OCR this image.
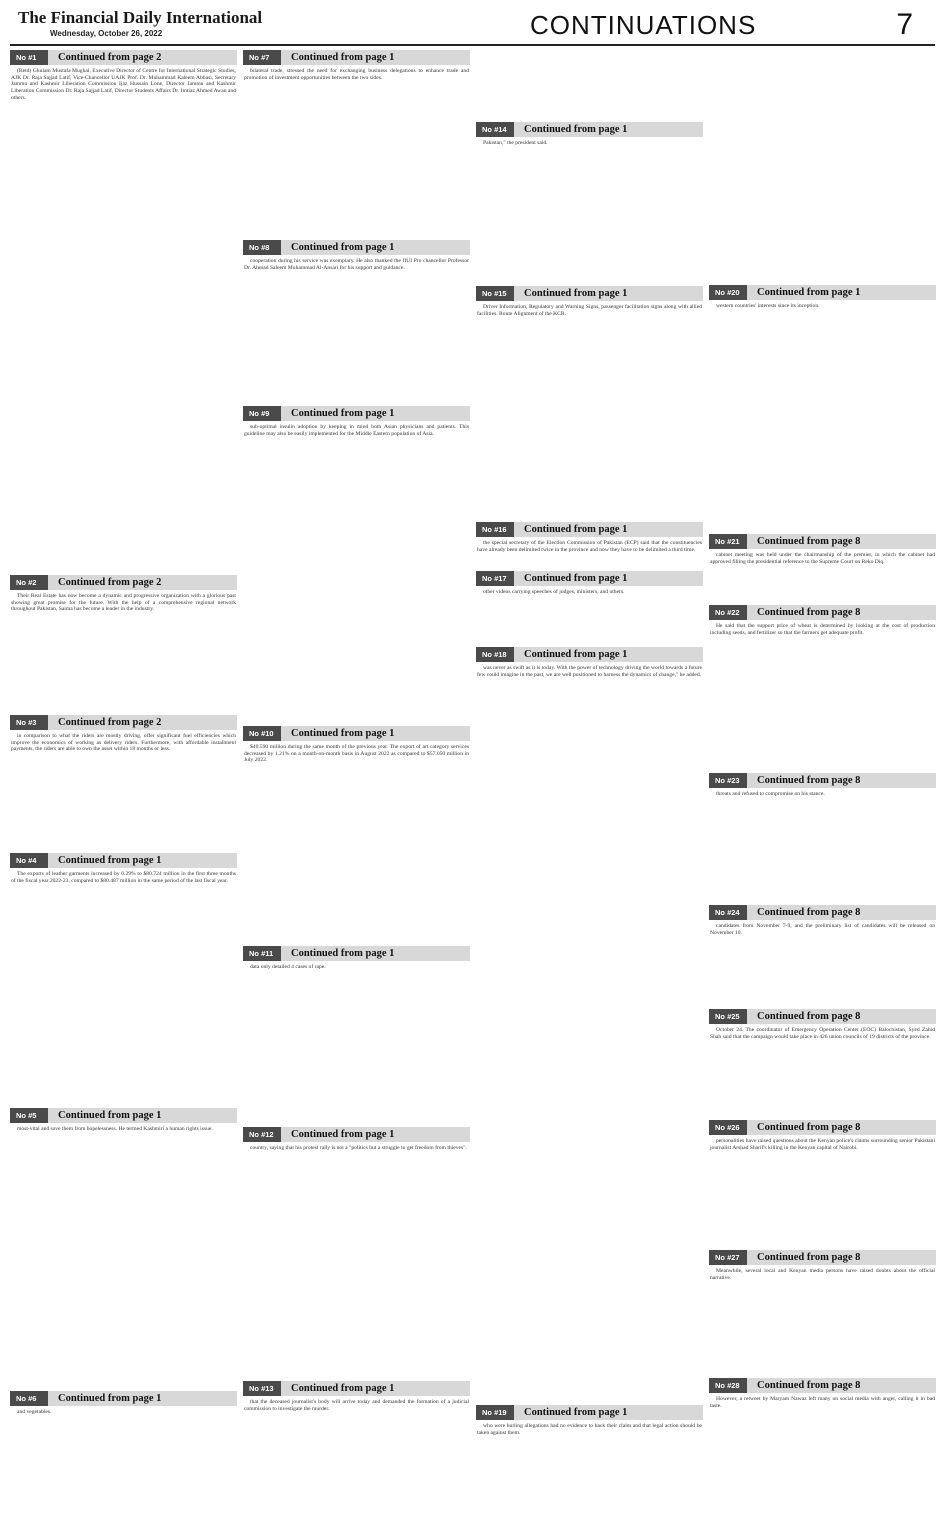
The Financial Daily International
Wednesday, October 26, 2022	CONTINUATIONS	7
No #1	Continued from page 2

(Retd) Ghulam Mustafa Mughal, Executive Director of Centre for International Strategic Studies, AJK Dr. Raja Sajjad Latif, Vice-Chancellor UAJK Prof. Dr. Muhammad Kaleem Abbasi, Secretary Jammu and Kashmir Liberation Commission Ijaz Hussain Lone, Director Jammu and Kashmir Liberation Commission Dr. Raja Sajjad Latif, Director Students Affairs Dr. Imtiaz Ahmed Awan and others.

No #2	Continued from page 2

Their Real Estate has now become a dynamic and progressive organization with a glorious past showing great promise for the future. With the help of a comprehensive regional network throughout Pakistan, Saima has become a leader in the industry.

No #3	Continued from page 2

in comparison to what the riders are mostly driving, offer significant fuel efficiencies which improve the economics of working as delivery riders. Furthermore, with affordable installment payments, the riders are able to own the asset within 18 months or less.

No #4	Continued from page 1

The exports of leather garments increased by 0.29% to $80.724 million in the first three months of the fiscal year 2022-23, compared to $80.487 million in the same period of the last fiscal year.

No #5	Continued from page 1

most-vital and save them from hopelessness. He termed Kashmiri a human rights issue.

No #6	Continued from page 1

and vegetables.

No #7	Continued from page 1

bilateral trade, stressed the need for exchanging business delegations to enhance trade and promotion of investment opportunities between the two sides.

No #8	Continued from page 1

cooperation during his service was exemplary. He also thanked the IIUI Pro chancellor Professor Dr. Ahmad Saleem Muhammad Al-Ansari for his support and guidance.

No #9	Continued from page 1

sub-optimal insulin adoption by keeping in mind both Asian physicians and patients. This guideline may also be easily implemented for the Middle Eastern population of Asia.

No #10	Continued from page 1

$40.590 million during the same month of the previous year. The export of art category services decreased by 1.21% on a month-on-month basis in August 2022 as compared to $57.050 million in July 2022.

No #11	Continued from page 1

data only detailed 4 cases of rape.

No #12	Continued from page 1

country, saying that his protest rally is not a "politics but a struggle to get freedom from thieves".

No #13	Continued from page 1

that the deceased journalist's body will arrive today and demanded the formation of a judicial commission to investigate the murder.

No #14	Continued from page 1

Pakistan," the president said.

No #15	Continued from page 1

Driver Information, Regulatory and Warning Signs, passenger facilitation signs along with allied facilities. Route Alignment of the KCR.

No #16	Continued from page 1

the special secretary of the Election Commission of Pakistan (ECP) said that the constituencies have already been delimited twice in the province and now they have to be delimited a third time.

No #17	Continued from page 1

other videos carrying speeches of judges, ministers, and others.

No #18	Continued from page 1

was never as swift as it is today. With the power of technology driving the world towards a future few could imagine in the past, we are well positioned to harness the dynamics of change," he added.

No #19	Continued from page 1

who were hurling allegations had no evidence to back their claim and that legal action should be taken against them.

No #20	Continued from page 1

western countries' interests since its inception.

No #21	Continued from page 8

cabinet meeting was held under the chairmanship of the premier, in which the cabinet had approved filling the presidential reference to the Supreme Court on Reko Diq.

No #22	Continued from page 8

He said that the support price of wheat is determined by looking at the cost of production including seeds, and fertilizer so that the farmers get adequate profit.

No #23	Continued from page 8

threats and refused to compromise on his stance.

No #24	Continued from page 8

candidates from November 7-9, and the preliminary list of candidates will be released on November 10.

No #25	Continued from page 8

October 24. The coordinator of Emergency Operation Center (EOC) Balochistan, Syed Zahid Shah said that the campaign would take place in 426 union councils of 19 districts of the province.

No #26	Continued from page 8

personalities have raised questions about the Kenyan police's claims surrounding senior Pakistani journalist Arshad Sharif's killing in the Kenyan capital of Nairobi.

No #27	Continued from page 8

Meanwhile, several local and Kenyan media persons have raised doubts about the official narrative.

No #28	Continued from page 8

However, a retweet by Maryam Nawaz left many on social media with anger, calling it in bad taste.
